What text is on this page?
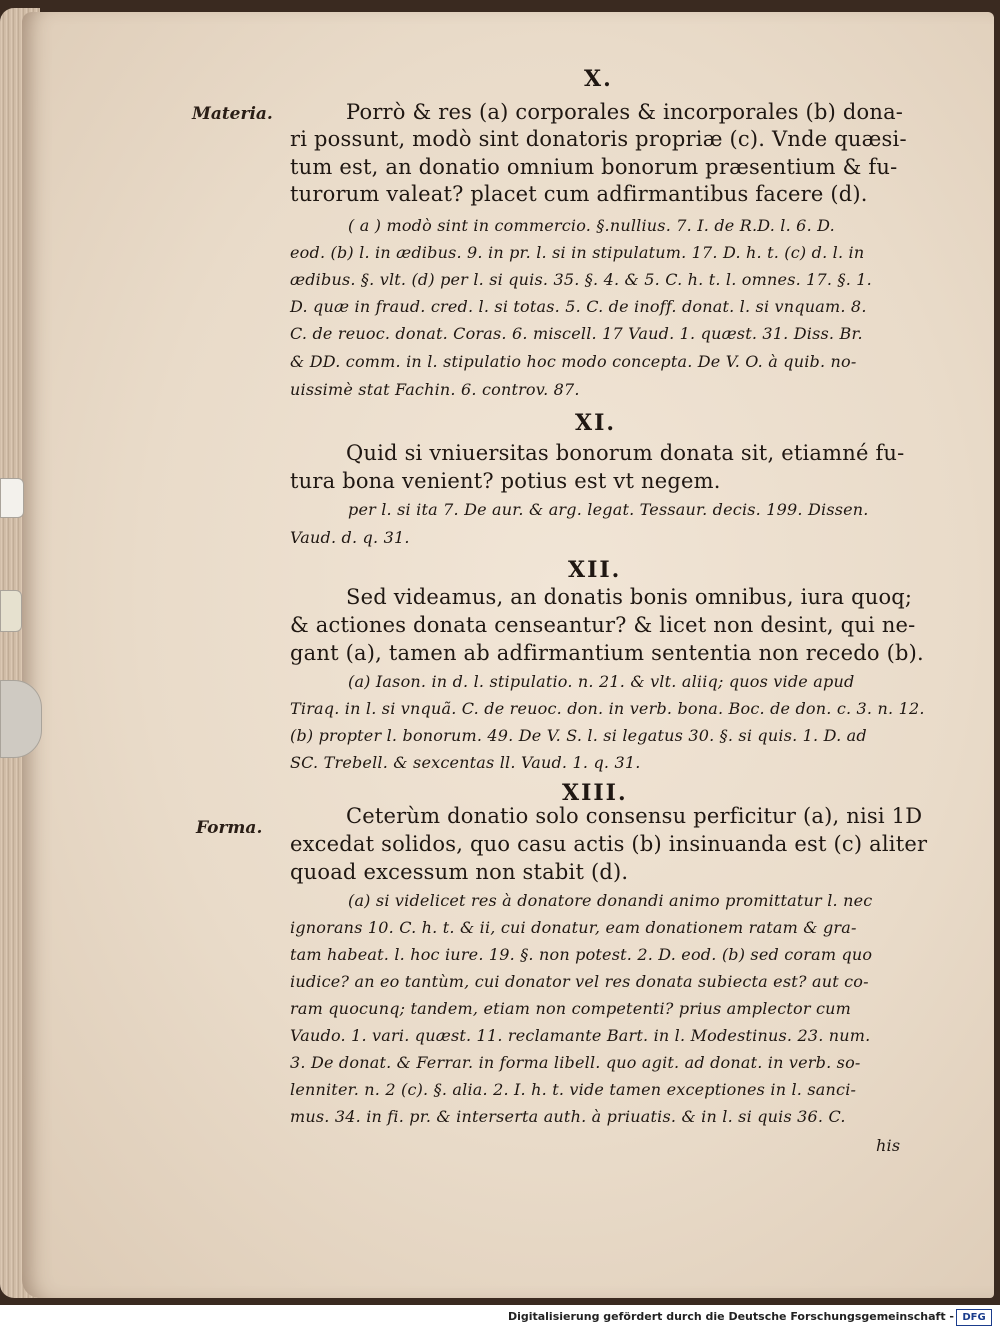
X.
Materia.	Porrò & res (a) corporales & incorporales (b) dona-
ri possunt, modò sint donatoris propriæ (c). Vnde quæsi-
tum est, an donatio omnium bonorum præsentium & fu-
turorum valeat? placet cum adfirmantibus facere (d).
( a ) modò sint in commercio. §.nullius. 7. I. de R.D. l. 6. D.
eod. (b) l. in ædibus. 9. in pr. l. si in stipulatum. 17. D. h. t. (c) d. l. in
ædibus. §. vlt. (d) per l. si quis. 35. §. 4. & 5. C. h. t. l. omnes. 17. §. 1.
D. quæ in fraud. cred. l. si totas. 5. C. de inoff. donat. l. si vnquam. 8.
C. de reuoc. donat. Coras. 6. miscell. 17 Vaud. 1. quæst. 31. Diss. Br.
& DD. comm. in l. stipulatio hoc modo concepta. De V. O. à quib. no-
uissimè stat Fachin. 6. controv. 87.
XI.
Quid si vniuersitas bonorum donata sit, etiamné fu-
tura bona venient? potius est vt negem.
per l. si ita 7. De aur. & arg. legat. Tessaur. decis. 199. Dissen.
Vaud. d. q. 31.
XII.
Sed videamus, an donatis bonis omnibus, iura quoq;
& actiones donata censeantur? & licet non desint, qui ne-
gant (a), tamen ab adfirmantium sententia non recedo (b).
(a) Iason. in d. l. stipulatio. n. 21. & vlt. aliiq; quos vide apud
Tiraq. in l. si vnquã. C. de reuoc. don. in verb. bona. Boc. de don. c. 3. n. 12.
(b) propter l. bonorum. 49. De V. S. l. si legatus 30. §. si quis. 1. D. ad
SC. Trebell. & sexcentas ll. Vaud. 1. q. 31.
XIII.
Forma.	Ceterùm donatio solo consensu perficitur (a), nisi 1D
excedat solidos, quo casu actis (b) insinuanda est (c) aliter
quoad excessum non stabit (d).
(a) si videlicet res à donatore donandi animo promittatur l. nec
ignorans 10. C. h. t. & ii, cui donatur, eam donationem ratam & gra-
tam habeat. l. hoc iure. 19. §. non potest. 2. D. eod. (b) sed coram quo
iudice? an eo tantùm, cui donator vel res donata subiecta est? aut co-
ram quocunq; tandem, etiam non competenti? prius amplector cum
Vaudo. 1. vari. quæst. 11. reclamante Bart. in l. Modestinus. 23. num.
3. De donat. & Ferrar. in forma libell. quo agit. ad donat. in verb. so-
lenniter. n. 2 (c). §. alia. 2. I. h. t. vide tamen exceptiones in l. sanci-
mus. 34. in fi. pr. & interserta auth. à priuatis. & in l. si quis 36. C.
his
Digitalisierung gefördert durch die Deutsche Forschungsgemeinschaft - DFG
